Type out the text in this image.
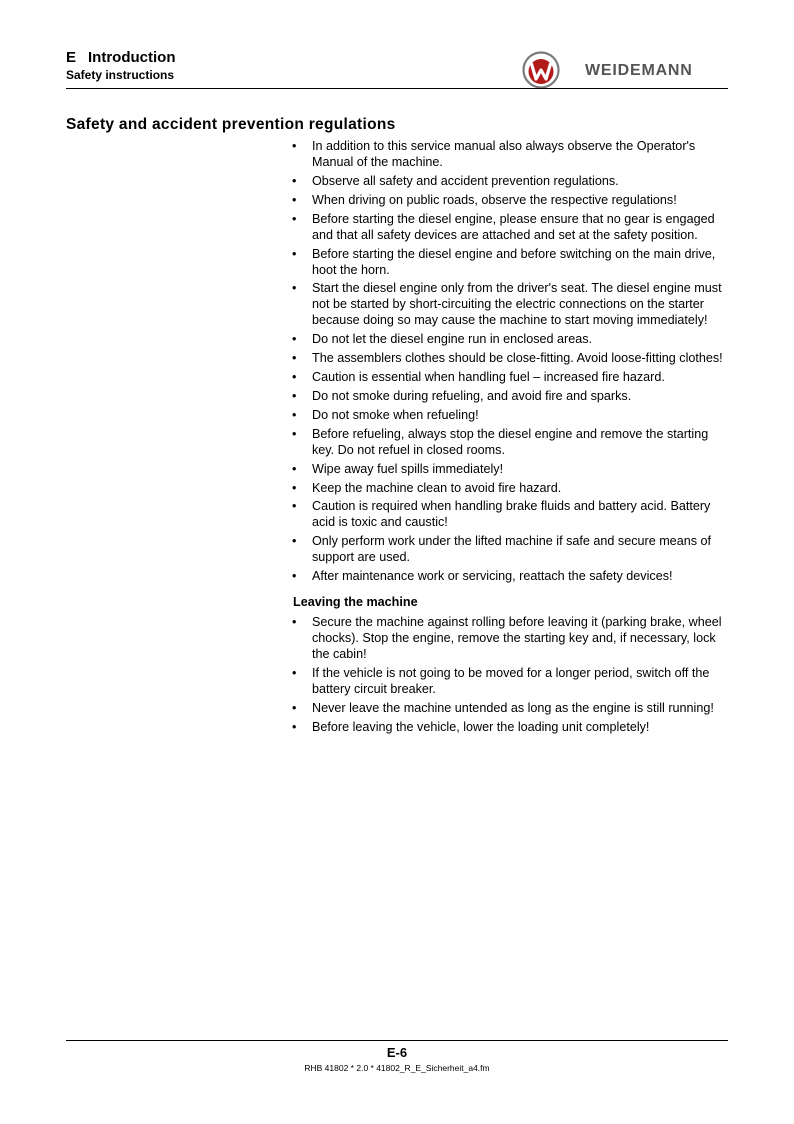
E Introduction
Safety instructions	WEIDEMANN
Safety and accident prevention regulations
• In addition to this service manual also always observe the Operator's Manual of the machine.
• Observe all safety and accident prevention regulations.
• When driving on public roads, observe the respective regulations!
• Before starting the diesel engine, please ensure that no gear is engaged and that all safety devices are attached and set at the safety position.
• Before starting the diesel engine and before switching on the main drive, hoot the horn.
• Start the diesel engine only from the driver's seat. The diesel engine must not be started by short-circuiting the electric connections on the starter because doing so may cause the machine to start moving immediately!
• Do not let the diesel engine run in enclosed areas.
• The assemblers clothes should be close-fitting. Avoid loose-fitting clothes!
• Caution is essential when handling fuel – increased fire hazard.
• Do not smoke during refueling, and avoid fire and sparks.
• Do not smoke when refueling!
• Before refueling, always stop the diesel engine and remove the starting key. Do not refuel in closed rooms.
• Wipe away fuel spills immediately!
• Keep the machine clean to avoid fire hazard.
• Caution is required when handling brake fluids and battery acid. Battery acid is toxic and caustic!
• Only perform work under the lifted machine if safe and secure means of support are used.
• After maintenance work or servicing, reattach the safety devices!
Leaving the machine
• Secure the machine against rolling before leaving it (parking brake, wheel chocks). Stop the engine, remove the starting key and, if necessary, lock the cabin!
• If the vehicle is not going to be moved for a longer period, switch off the battery circuit breaker.
• Never leave the machine untended as long as the engine is still running!
• Before leaving the vehicle, lower the loading unit completely!
E-6
RHB 41802 * 2.0 * 41802_R_E_Sicherheit_a4.fm
